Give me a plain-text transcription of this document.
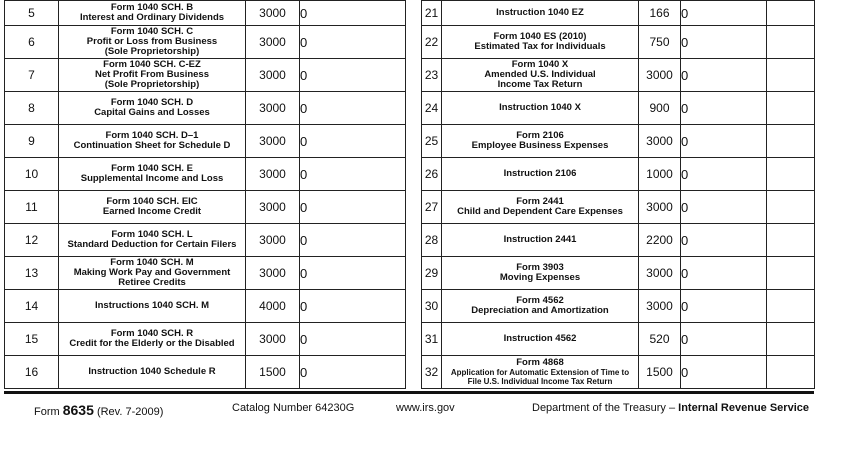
5	Form 1040 SCH. B
Interest and Ordinary Dividends	3000	0		21	Instruction 1040 EZ	166	0	
6	Form 1040 SCH. C
Profit or Loss from Business
(Sole Proprietorship)	3000	0		22	Form 1040 ES (2010)
Estimated Tax for Individuals	750	0	
7	Form 1040 SCH. C-EZ
Net Profit From Business
(Sole Proprietorship)	3000	0		23	Form 1040 X
Amended U.S. Individual
Income Tax Return	3000	0	
8	Form 1040 SCH. D
Capital Gains and Losses	3000	0		24	Instruction 1040 X	900	0	
9	Form 1040 SCH. D–1
Continuation Sheet for Schedule D	3000	0		25	Form 2106
Employee Business Expenses	3000	0	
10	Form 1040 SCH. E
Supplemental Income and Loss	3000	0		26	Instruction 2106	1000	0	
11	Form 1040 SCH. EIC
Earned Income Credit	3000	0		27	Form 2441
Child and Dependent Care Expenses	3000	0	
12	Form 1040 SCH. L
Standard Deduction for Certain Filers	3000	0		28	Instruction 2441	2200	0	
13	Form 1040 SCH. M
Making Work Pay and Government
Retiree Credits	3000	0		29	Form 3903
Moving Expenses	3000	0	
14	Instructions 1040 SCH. M	4000	0		30	Form 4562
Depreciation and Amortization	3000	0	
15	Form 1040 SCH. R
Credit for the Elderly or the Disabled	3000	0		31	Instruction 4562	520	0	
16	Instruction 1040 Schedule R	1500	0		32	Form 4868
Application for Automatic Extension of Time to
File U.S. Individual Income Tax Return	1500	0	
Form 8635 (Rev. 7-2009)	Catalog Number 64230G	www.irs.gov	Department of the Treasury – Internal Revenue Service
